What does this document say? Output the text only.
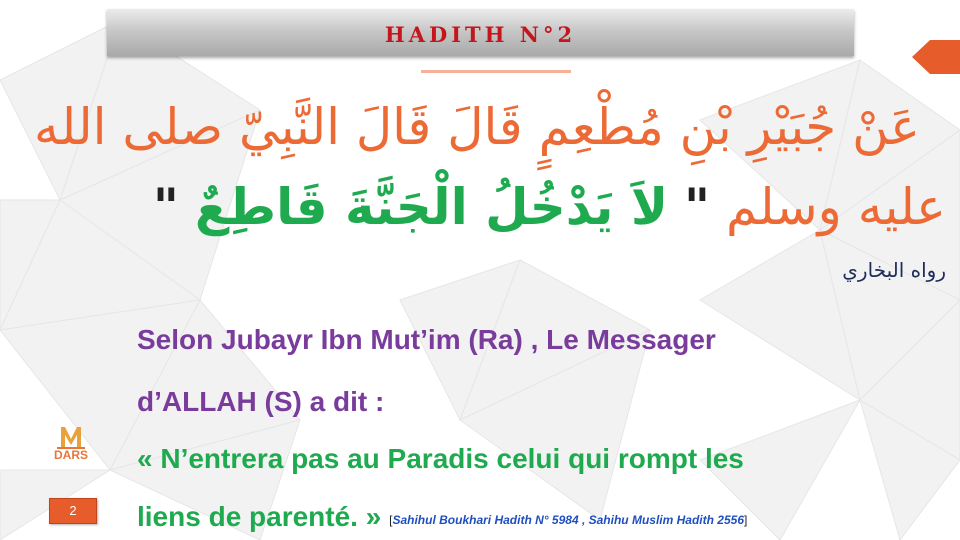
HADITH N°2
عَنْ جُبَيْرِ بْنِ مُطْعِمٍ قَالَ قَالَ النَّبِيّ صلى الله
عليه وسلم " لاَ يَدْخُلُ الْجَنَّةَ قَاطِعٌ "
رواه البخاري
Selon Jubayr Ibn Mut’im (Ra) , Le Messager
d’ALLAH (S) a dit :
« N’entrera pas au Paradis celui qui rompt les
liens de parenté. » [Sahihul Boukhari Hadith N° 5984 , Sahihu Muslim Hadith 2556]
DARS
2
